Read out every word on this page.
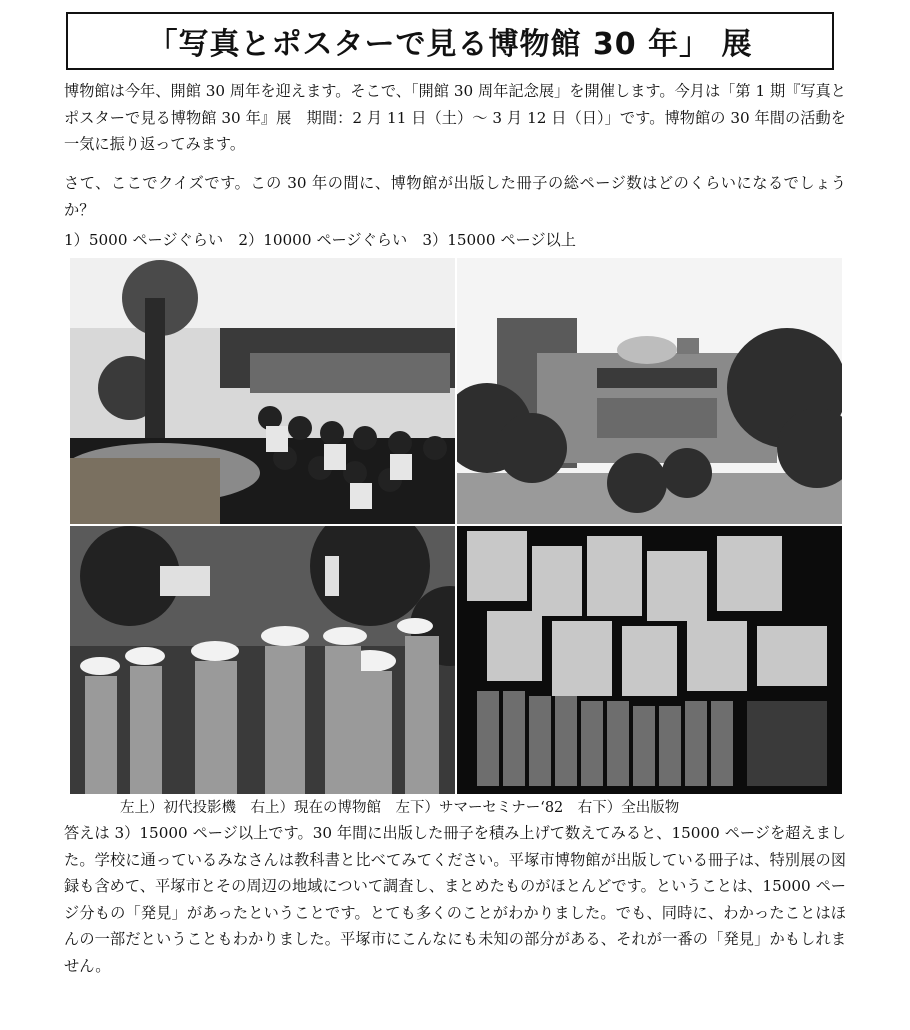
「写真とポスターで見る博物館 30 年」 展

博物館は今年、開館 30 周年を迎えます。そこで、「開館 30 周年記念展」を開催します。今月は「第 1 期『写真とポスターで見る博物館 30 年』展　期間：2 月 11 日（土）～ 3 月 12 日（日）」です。博物館の 30 年間の活動を一気に振り返ってみます。

さて、ここでクイズです。この 30 年の間に、博物館が出版した冊子の総ページ数はどのくらいになるでしょうか？

1）5000 ページぐらい　2）10000 ページぐらい　3）15000 ページ以上

左上）初代投影機　右上）現在の博物館　左下）サマーセミナー‘82　右下）全出版物

答えは 3）15000 ページ以上です。30 年間に出版した冊子を積み上げて数えてみると、15000 ページを超えました。学校に通っているみなさんは教科書と比べてみてください。平塚市博物館が出版している冊子は、特別展の図録も含めて、平塚市とその周辺の地域について調査し、まとめたものがほとんどです。ということは、15000 ページ分もの「発見」があったということです。とても多くのことがわかりました。でも、同時に、わかったことはほんの一部だということもわかりました。平塚市にこんなにも未知の部分がある、それが一番の「発見」かもしれません。
